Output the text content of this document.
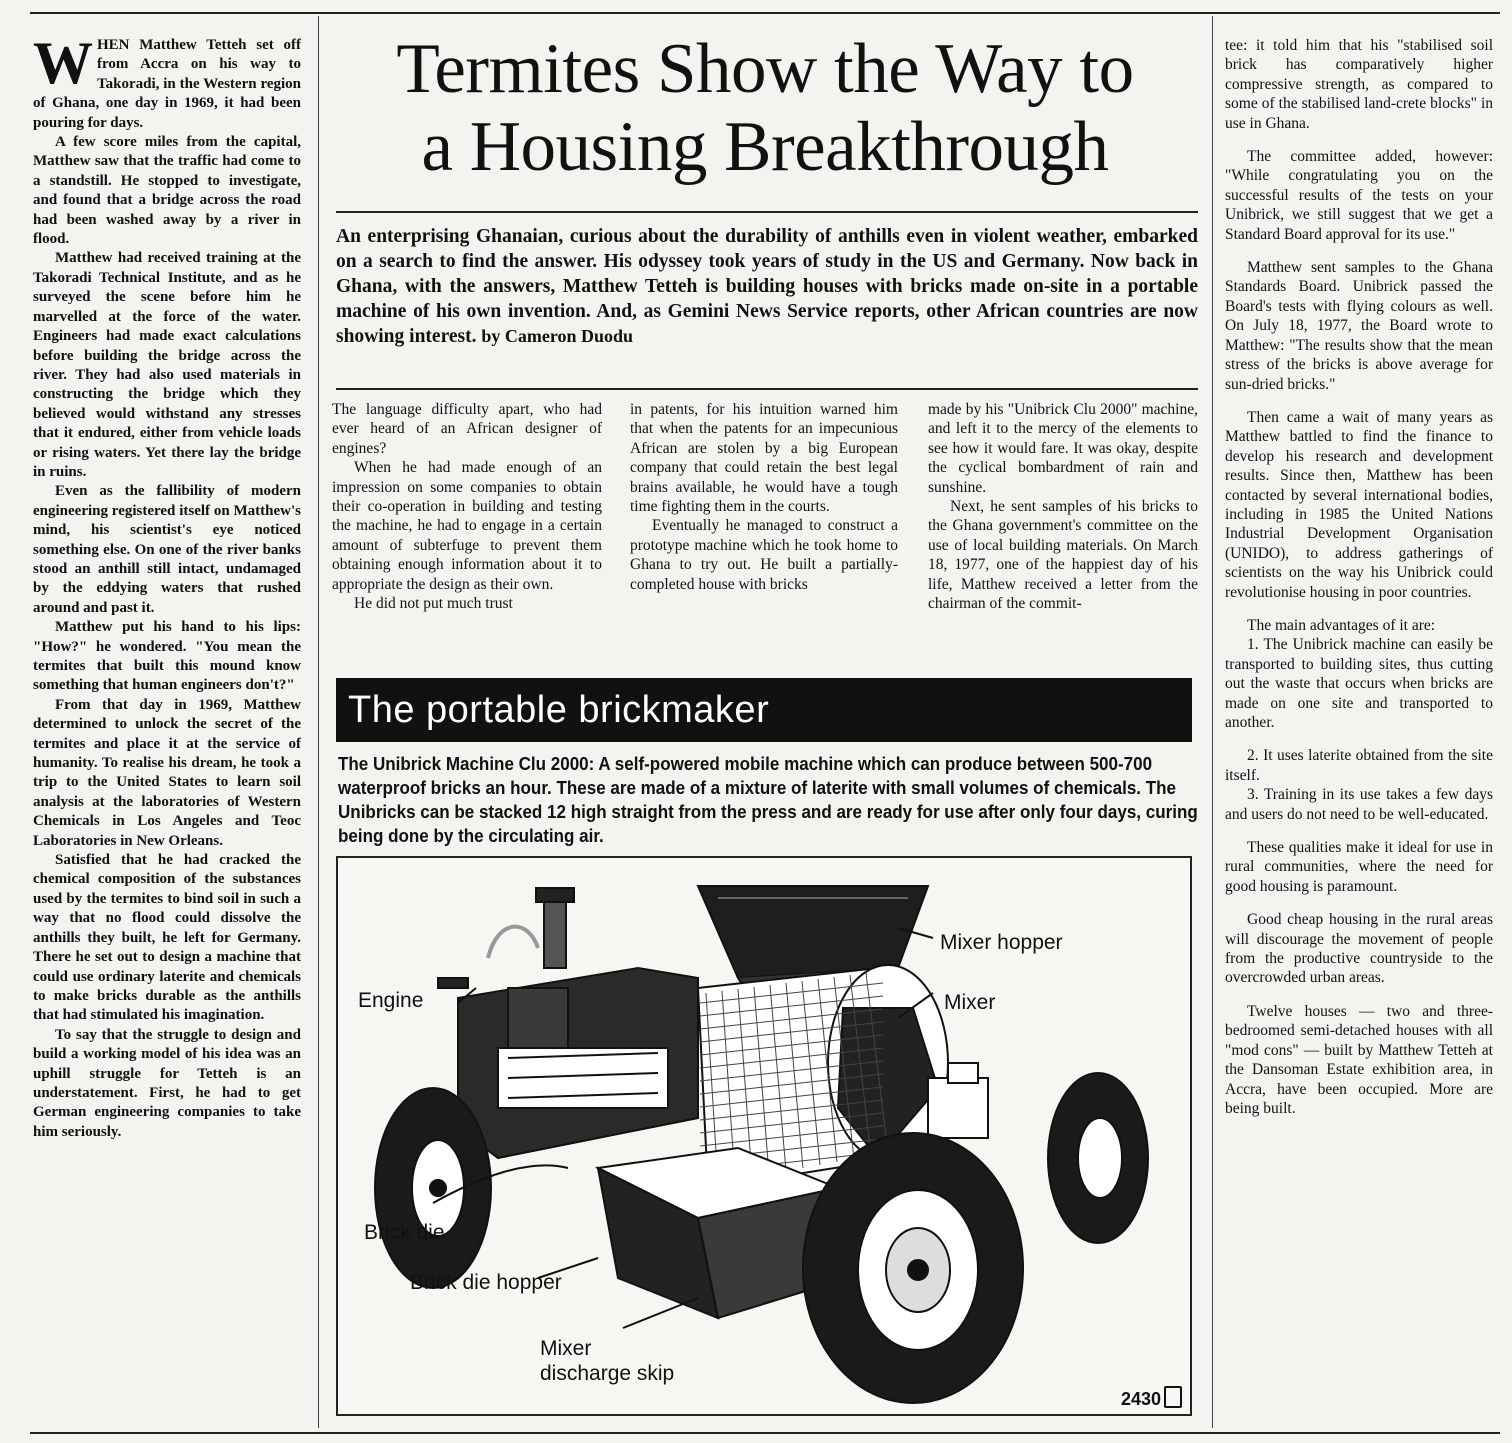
WHEN Matthew Tetteh set off from Accra on his way to Takoradi, in the Western region of Ghana, one day in 1969, it had been pouring for days.

A few score miles from the capital, Matthew saw that the traffic had come to a standstill. He stopped to investigate, and found that a bridge across the road had been washed away by a river in flood.

Matthew had received training at the Takoradi Technical Institute, and as he surveyed the scene before him he marvelled at the force of the water. Engineers had made exact calculations before building the bridge across the river. They had also used materials in constructing the bridge which they believed would withstand any stresses that it endured, either from vehicle loads or rising waters. Yet there lay the bridge in ruins.

Even as the fallibility of modern engineering registered itself on Matthew's mind, his scientist's eye noticed something else. On one of the river banks stood an anthill still intact, undamaged by the eddying waters that rushed around and past it.

Matthew put his hand to his lips: "How?" he wondered. "You mean the termites that built this mound know something that human engineers don't?"

From that day in 1969, Matthew determined to unlock the secret of the termites and place it at the service of humanity. To realise his dream, he took a trip to the United States to learn soil analysis at the laboratories of Western Chemicals in Los Angeles and Teoc Laboratories in New Orleans.

Satisfied that he had cracked the chemical composition of the substances used by the termites to bind soil in such a way that no flood could dissolve the anthills they built, he left for Germany. There he set out to design a machine that could use ordinary laterite and chemicals to make bricks durable as the anthills that had stimulated his imagination.

To say that the struggle to design and build a working model of his idea was an uphill struggle for Tetteh is an understatement. First, he had to get German engineering companies to take him seriously.

Termites Show the Way to
a Housing Breakthrough
An enterprising Ghanaian, curious about the durability of anthills even in violent weather, embarked on a search to find the answer. His odyssey took years of study in the US and Germany. Now back in Ghana, with the answers, Matthew Tetteh is building houses with bricks made on-site in a portable machine of his own invention. And, as Gemini News Service reports, other African countries are now showing interest. by Cameron Duodu

The language difficulty apart, who had ever heard of an African designer of engines?

When he had made enough of an impression on some companies to obtain their co-operation in building and testing the machine, he had to engage in a certain amount of subterfuge to prevent them obtaining enough information about it to appropriate the design as their own.

He did not put much trust

in patents, for his intuition warned him that when the patents for an impecunious African are stolen by a big European company that could retain the best legal brains available, he would have a tough time fighting them in the courts.

Eventually he managed to construct a prototype machine which he took home to Ghana to try out. He built a partially-completed house with bricks

made by his "Unibrick Clu 2000" machine, and left it to the mercy of the elements to see how it would fare. It was okay, despite the cyclical bombardment of rain and sunshine.

Next, he sent samples of his bricks to the Ghana government's committee on the use of local building materials. On March 18, 1977, one of the happiest day of his life, Matthew received a letter from the chairman of the commit-

tee: it told him that his "stabilised soil brick has comparatively higher compressive strength, as compared to some of the stabilised land-crete blocks" in use in Ghana.

The committee added, however: "While congratulating you on the successful results of the tests on your Unibrick, we still suggest that we get a Standard Board approval for its use."

Matthew sent samples to the Ghana Standards Board. Unibrick passed the Board's tests with flying colours as well. On July 18, 1977, the Board wrote to Matthew: "The results show that the mean stress of the bricks is above average for sun-dried bricks."

Then came a wait of many years as Matthew battled to find the finance to develop his research and development results. Since then, Matthew has been contacted by several international bodies, including in 1985 the United Nations Industrial Development Organisation (UNIDO), to address gatherings of scientists on the way his Unibrick could revolutionise housing in poor countries.

The main advantages of it are:

1. The Unibrick machine can easily be transported to building sites, thus cutting out the waste that occurs when bricks are made on one site and transported to another.

2. It uses laterite obtained from the site itself.

3. Training in its use takes a few days and users do not need to be well-educated.

These qualities make it ideal for use in rural communities, where the need for good housing is paramount.

Good cheap housing in the rural areas will discourage the movement of people from the productive countryside to the overcrowded urban areas.

Twelve houses — two and three-bedroomed semi-detached houses with all "mod cons" — built by Matthew Tetteh at the Dansoman Estate exhibition area, in Accra, have been occupied. More are being built.

The portable brickmaker
The Unibrick Machine Clu 2000: A self-powered mobile machine which can produce between 500-700 waterproof bricks an hour. These are made of a mixture of laterite with small volumes of chemicals. The Unibricks can be stacked 12 high straight from the press and are ready for use after only four days, curing being done by the circulating air.
Engine
Mixer hopper
Mixer
Brick die
Brick die hopper
Mixer
discharge skip
2430
